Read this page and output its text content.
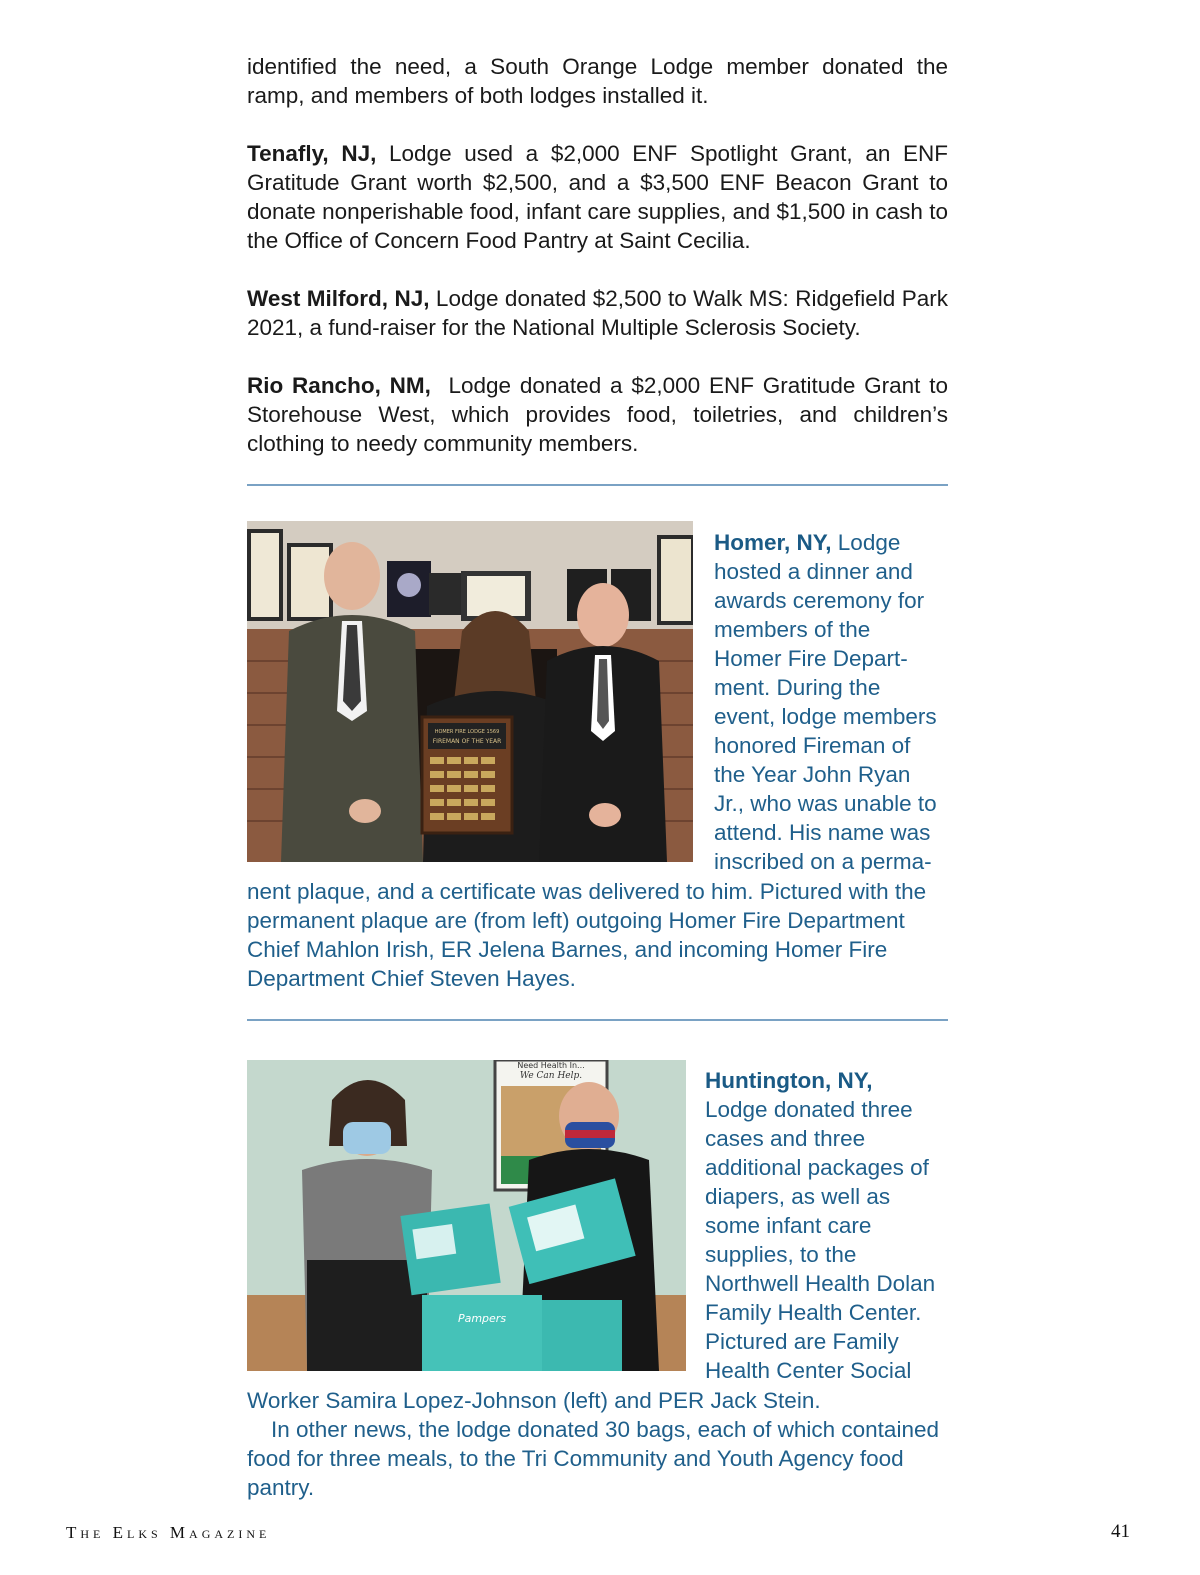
identified the need, a South Orange Lodge member donated the ramp, and members of both lodges installed it.

Tenafly, NJ, Lodge used a $2,000 ENF Spotlight Grant, an ENF Gratitude Grant worth $2,500, and a $3,500 ENF Beacon Grant to donate nonperishable food, infant care supplies, and $1,500 in cash to the Office of Concern Food Pantry at Saint Cecilia.

West Milford, NJ, Lodge donated $2,500 to Walk MS: Ridgefield Park 2021, a fund-raiser for the National Multiple Sclerosis Society.

Rio Rancho, NM,  Lodge donated a $2,000 ENF Gratitude Grant to Storehouse West, which provides food, toiletries, and children’s clothing to needy community members.

HOMER FIRE LODGE 1569
FIREMAN OF THE YEAR
Homer, NY, Lodge
hosted a dinner and
awards ceremony for
members of the
Homer Fire Depart-
ment. During the
event, lodge members
honored Fireman of
the Year John Ryan
Jr., who was unable to
attend. His name was
inscribed on a perma-

nent plaque, and a certificate was delivered to him. Pictured with the permanent plaque are (from left) outgoing Homer Fire Department Chief Mahlon Irish, ER Jelena Barnes, and incoming Homer Fire Department Chief Steven Hayes.

Need Health In...
We Can Help.
Pampers
Huntington, NY,
Lodge donated three
cases and three
additional packages of
diapers, as well as
some infant care
supplies, to the
Northwell Health Dolan
Family Health Center.
Pictured are Family
Health Center Social
Worker Samira Lopez-Johnson (left) and PER Jack Stein.
In other news, the lodge donated 30 bags, each of which contained food for three meals, to the Tri Community and Youth Agency food pantry.
The Elks Magazine	41
